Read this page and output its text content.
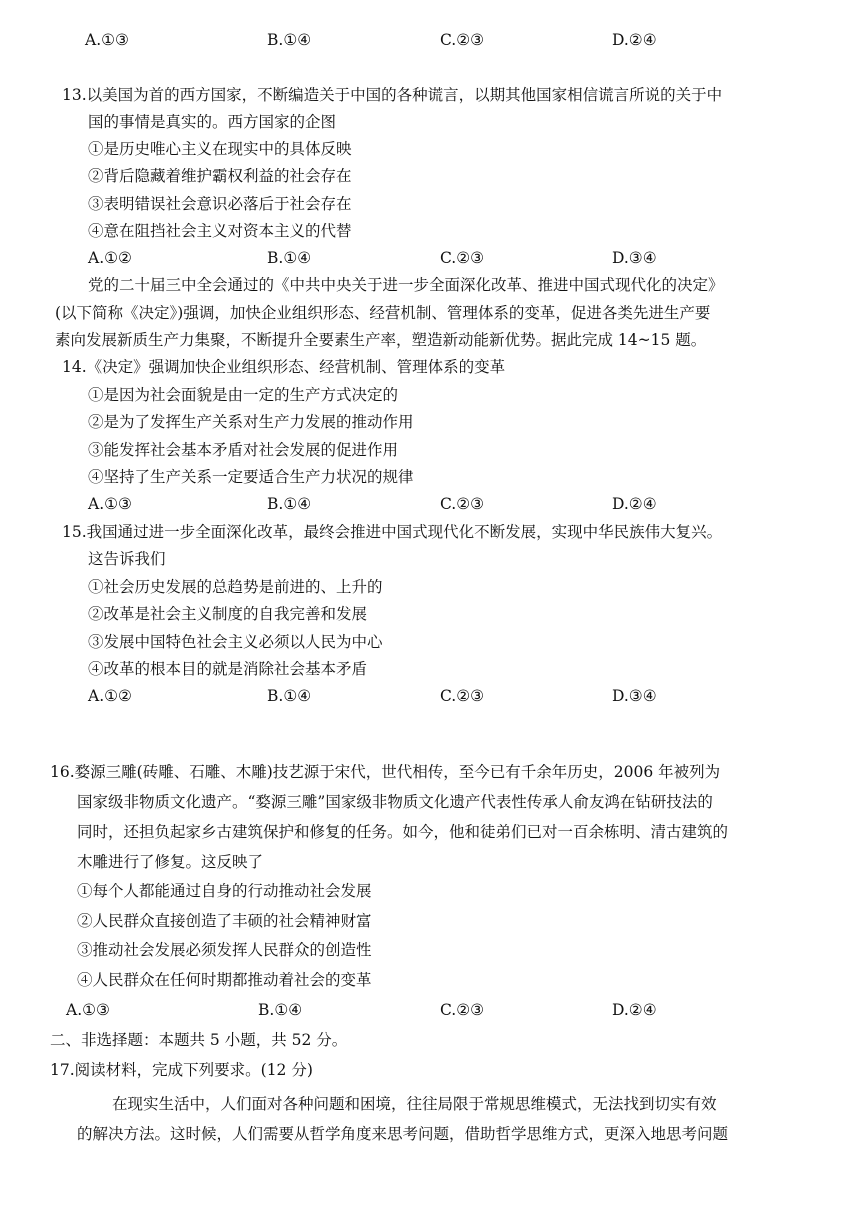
A.①③	B.①④	C.②③	D.②④
13.以美国为首的西方国家，不断编造关于中国的各种谎言，以期其他国家相信谎言所说的关于中
国的事情是真实的。西方国家的企图
①是历史唯心主义在现实中的具体反映
②背后隐藏着维护霸权利益的社会存在
③表明错误社会意识必落后于社会存在
④意在阻挡社会主义对资本主义的代替
A.①②	B.①④	C.②③	D.③④
党的二十届三中全会通过的《中共中央关于进一步全面深化改革、推进中国式现代化的决定》
(以下简称《决定》)强调，加快企业组织形态、经营机制、管理体系的变革，促进各类先进生产要
素向发展新质生产力集聚，不断提升全要素生产率，塑造新动能新优势。据此完成 14~15 题。
14.《决定》强调加快企业组织形态、经营机制、管理体系的变革
①是因为社会面貌是由一定的生产方式决定的
②是为了发挥生产关系对生产力发展的推动作用
③能发挥社会基本矛盾对社会发展的促进作用
④坚持了生产关系一定要适合生产力状况的规律
A.①③	B.①④	C.②③	D.②④
15.我国通过进一步全面深化改革，最终会推进中国式现代化不断发展，实现中华民族伟大复兴。
这告诉我们
①社会历史发展的总趋势是前进的、上升的
②改革是社会主义制度的自我完善和发展
③发展中国特色社会主义必须以人民为中心
④改革的根本目的就是消除社会基本矛盾
A.①②	B.①④	C.②③	D.③④
16.婺源三雕(砖雕、石雕、木雕)技艺源于宋代，世代相传，至今已有千余年历史，2006 年被列为
国家级非物质文化遗产。“婺源三雕”国家级非物质文化遗产代表性传承人俞友鸿在钻研技法的
同时，还担负起家乡古建筑保护和修复的任务。如今，他和徒弟们已对一百余栋明、清古建筑的
木雕进行了修复。这反映了
①每个人都能通过自身的行动推动社会发展
②人民群众直接创造了丰硕的社会精神财富
③推动社会发展必须发挥人民群众的创造性
④人民群众在任何时期都推动着社会的变革
A.①③	B.①④	C.②③	D.②④
二、非选择题：本题共 5 小题，共 52 分。
17.阅读材料，完成下列要求。(12 分)
在现实生活中，人们面对各种问题和困境，往往局限于常规思维模式，无法找到切实有效
的解决方法。这时候，人们需要从哲学角度来思考问题，借助哲学思维方式，更深入地思考问题
